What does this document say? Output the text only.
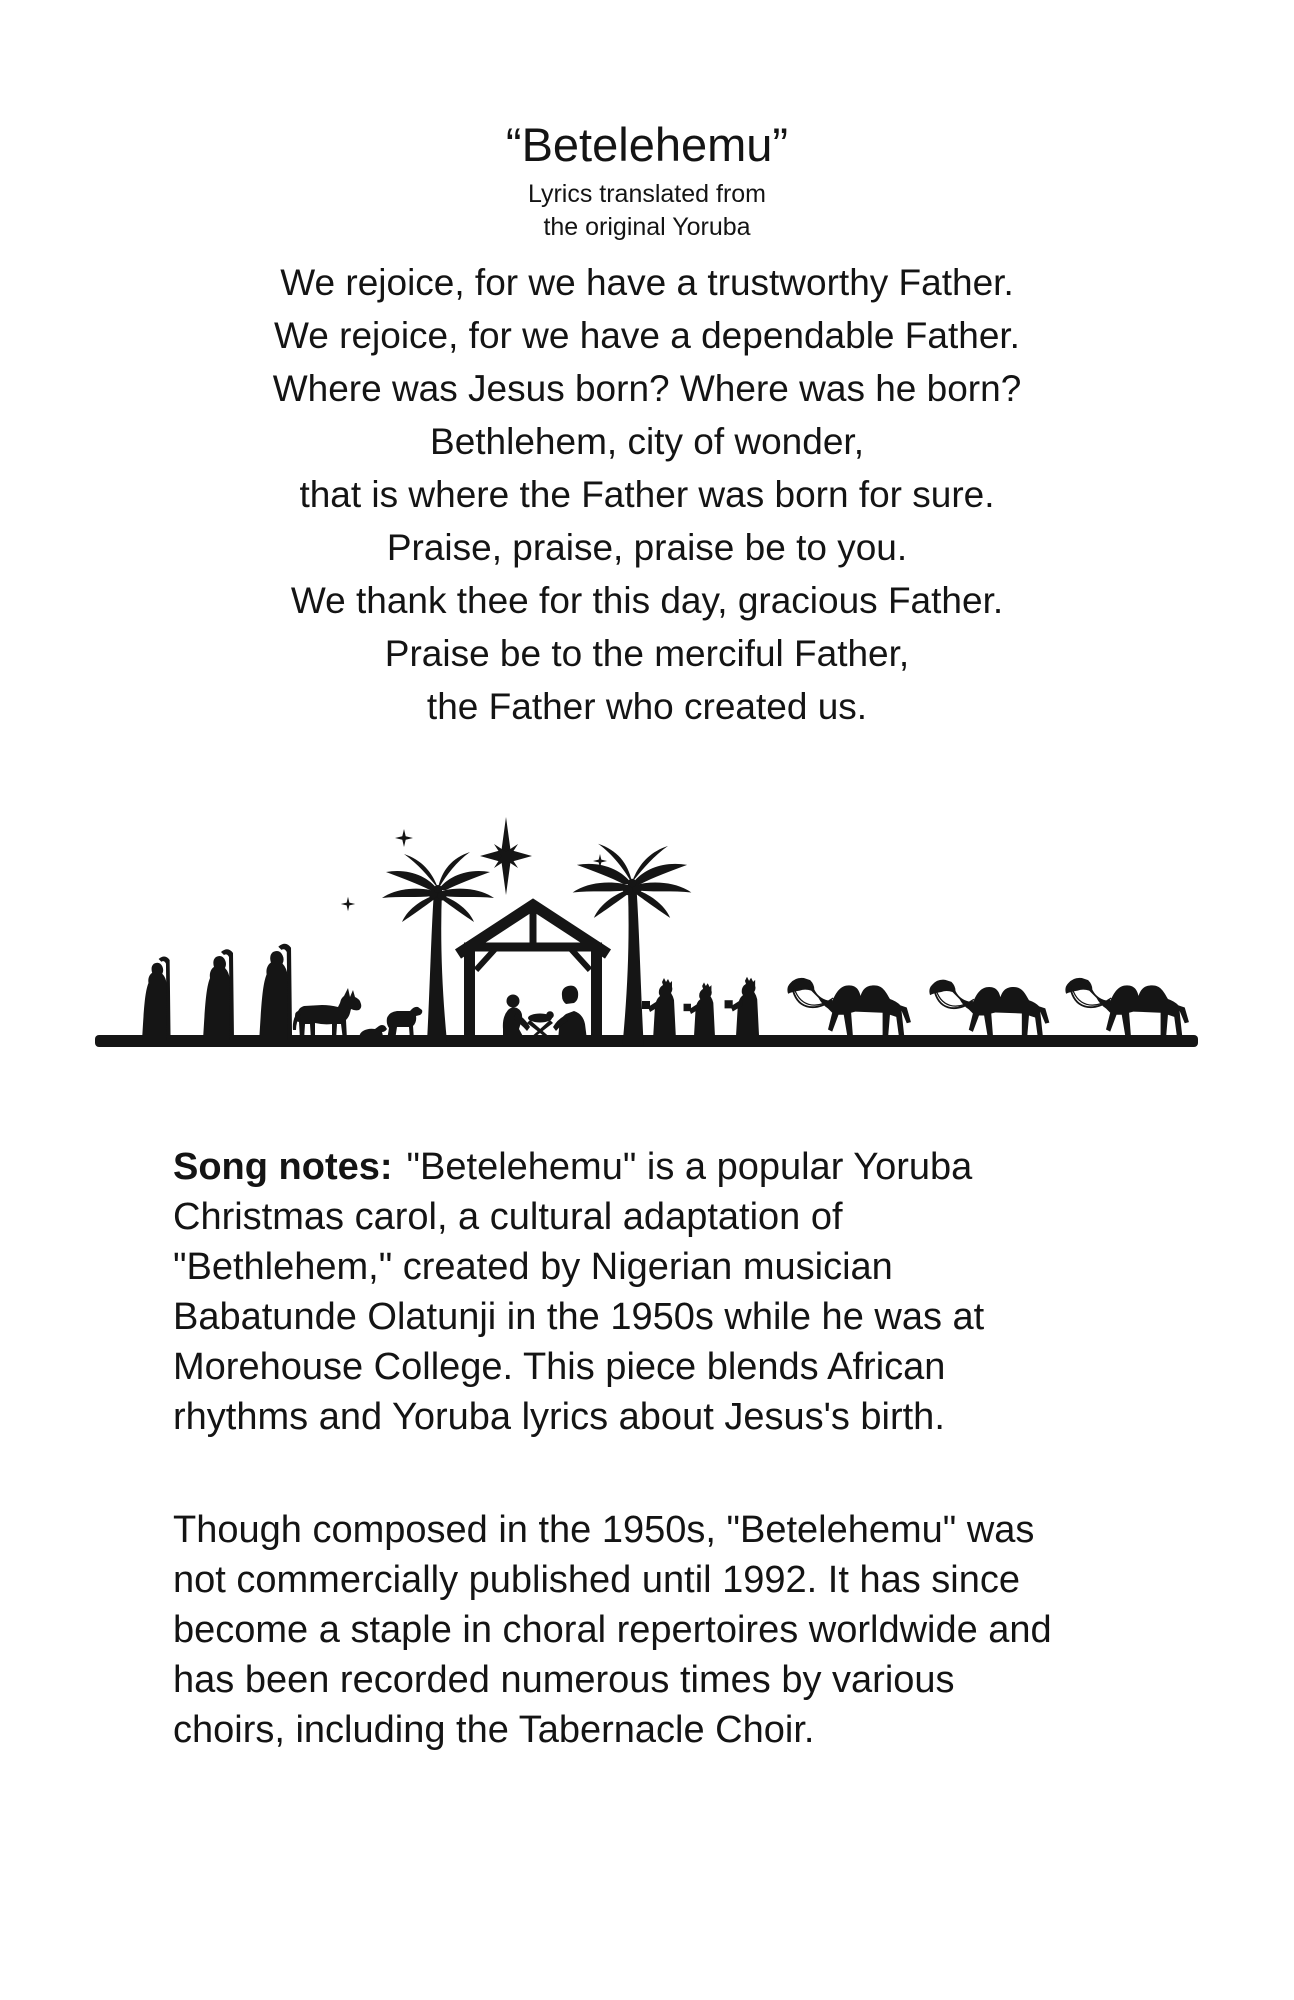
“Betelehemu”
Lyrics translated from
the original Yoruba
We rejoice, for we have a trustworthy Father.
We rejoice, for we have a dependable Father.
Where was Jesus born? Where was he born?
Bethlehem, city of wonder,
that is where the Father was born for sure.
Praise, praise, praise be to you.
We thank thee for this day, gracious Father.
Praise be to the merciful Father,
the Father who created us.

Song notes: "Betelehemu" is a popular Yoruba
Christmas carol, a cultural adaptation of
"Bethlehem," created by Nigerian musician
Babatunde Olatunji in the 1950s while he was at
Morehouse College. This piece blends African
rhythms and Yoruba lyrics about Jesus's birth.

Though composed in the 1950s, "Betelehemu" was
not commercially published until 1992. It has since
become a staple in choral repertoires worldwide and
has been recorded numerous times by various
choirs, including the Tabernacle Choir.
